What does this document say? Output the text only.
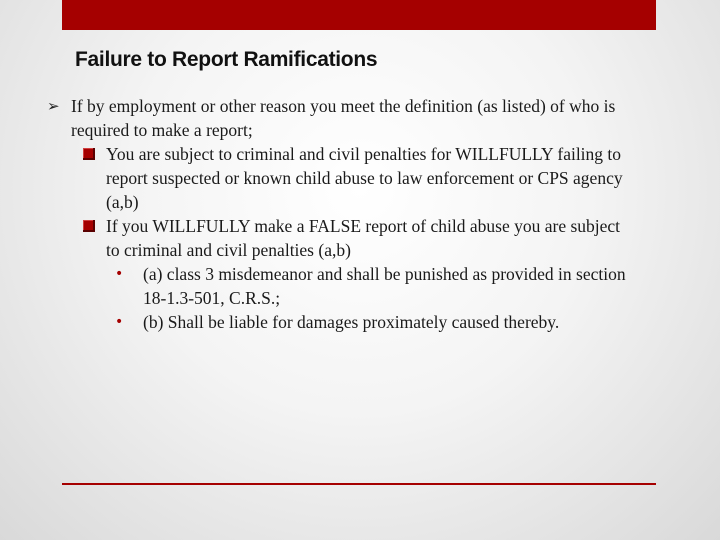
Failure to Report Ramifications
➢ If by employment or other reason you meet the definition (as listed) of who is
required to make a report;
You are subject to criminal and civil penalties for WILLFULLY failing to
report suspected or known child abuse to law enforcement or CPS agency
(a,b)
If you WILLFULLY make a FALSE report of child abuse you are subject
to criminal and civil penalties (a,b)
• (a) class 3 misdemeanor and shall be punished as provided in section
18-1.3-501, C.R.S.;
• (b) Shall be liable for damages proximately caused thereby.
